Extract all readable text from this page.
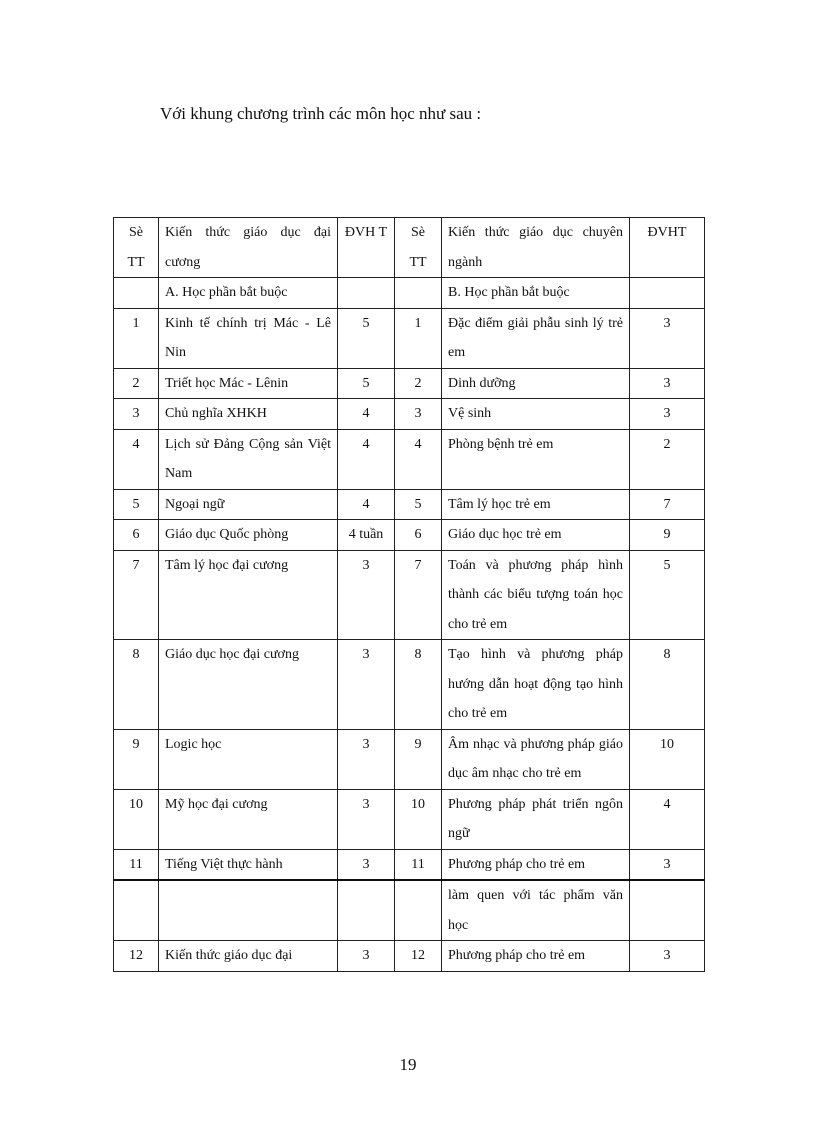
Với khung chương trình các môn học như sau :
Sè TT	Kiến thức giáo dục đại cương	ĐVH T	Sè TT	Kiến thức giáo dục chuyên ngành	ĐVHT
	A. Học phần bắt buộc			B. Học phần bắt buộc	
1	Kinh tế chính trị Mác - Lê Nin	5	1	Đặc điểm giải phẫu sinh lý trẻ em	3
2	Triết học Mác - Lênin	5	2	Dinh dưỡng	3
3	Chủ nghĩa XHKH	4	3	Vệ sinh	3
4	Lịch sử Đảng Cộng sản Việt Nam	4	4	Phòng bệnh trẻ em	2
5	Ngoại ngữ	4	5	Tâm lý học trẻ em	7
6	Giáo dục Quốc phòng	4 tuần	6	Giáo dục học trẻ em	9
7	Tâm lý học đại cương	3	7	Toán và phương pháp hình thành các biểu tượng toán học cho trẻ em	5
8	Giáo dục học đại cương	3	8	Tạo hình và phương pháp hướng dẫn hoạt động tạo hình cho trẻ em	8
9	Logic học	3	9	Âm nhạc và phương pháp giáo dục âm nhạc cho trẻ em	10
10	Mỹ học đại cương	3	10	Phương pháp phát triển ngôn ngữ	4
11	Tiếng Việt thực hành	3	11	Phương pháp cho trẻ em	3
				làm quen với tác phẩm văn học	
12	Kiến thức giáo dục đại	3	12	Phương pháp cho trẻ em	3
19
